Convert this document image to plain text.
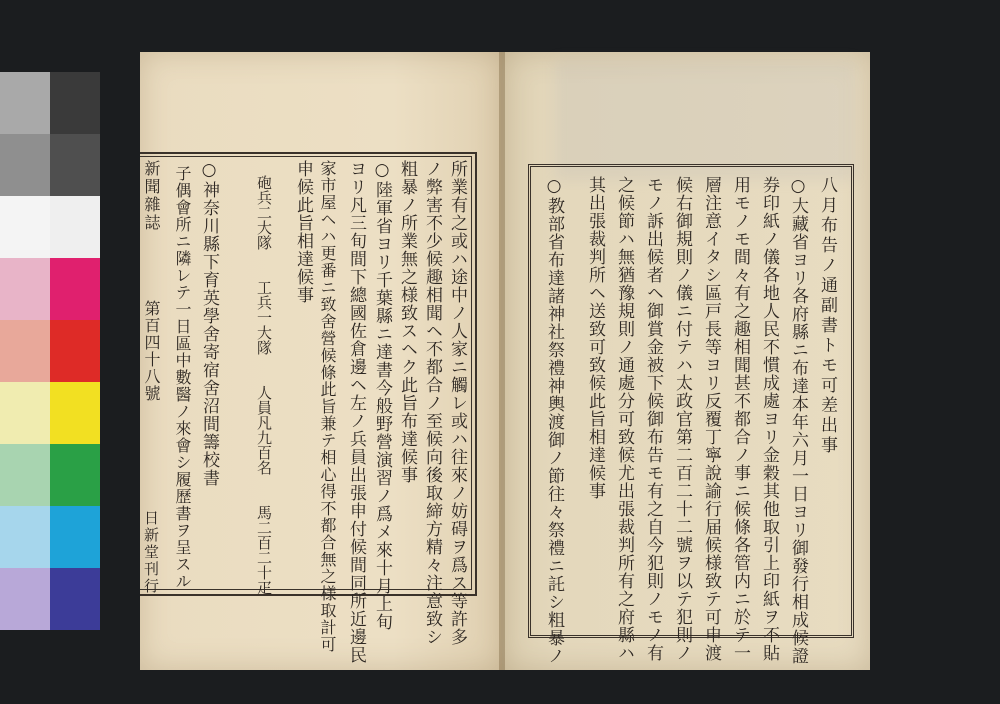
新聞雜誌
第百四十八號
日新堂刊行	所業有之或ハ途中ノ人家ニ觸レ或ハ往來ノ妨碍ヲ爲ス等許多
ノ弊害不少候趣相聞ヘ不都合ノ至候向後取締方精々注意致シ
粗暴ノ所業無之様致スヘク此旨布達候事
○陸軍省ヨリ千葉縣ニ達書今般野營演習ノ爲メ來十月上旬
ヨリ凡三旬間下總國佐倉邊ヘ左ノ兵員出張申付候間同所近邊民
家市屋ヘハ更番ニ致舍營候條此旨兼テ相心得不都合無之様取計可
申候此旨相達候事
砲兵二大隊　　工兵一大隊　　人員凡九百名　　馬二百二十疋
○神奈川縣下育英學舍寄宿舍沼間籌校書
子偶會所ニ隣レテ一日區中數醫ノ來會シ履歷書ヲ呈スル	八月布告ノ通副書トモ可差出事
○大藏省ヨリ各府縣ニ布達本年六月一日ヨリ御發行相成候證
券印紙ノ儀各地人民不慣成處ヨリ金穀其他取引上印紙ヲ不貼
用モノモ間々有之趣相聞甚不都合ノ事ニ候條各管内ニ於テ一
層注意イタシ區戸長等ヨリ反覆丁寧說諭行届候様致テ可申渡
候右御規則ノ儀ニ付テハ太政官第二百二十二號ヲ以テ犯則ノ
モノ訴出候者ヘ御賞金被下候御布告モ有之自今犯則ノモノ有
之候節ハ無猶豫規則ノ通處分可致候尤出張裁判所有之府縣ハ
其出張裁判所ヘ送致可致候此旨相達候事
○教部省布達諸神社祭禮神輿渡御ノ節往々祭禮ニ託シ粗暴ノ
